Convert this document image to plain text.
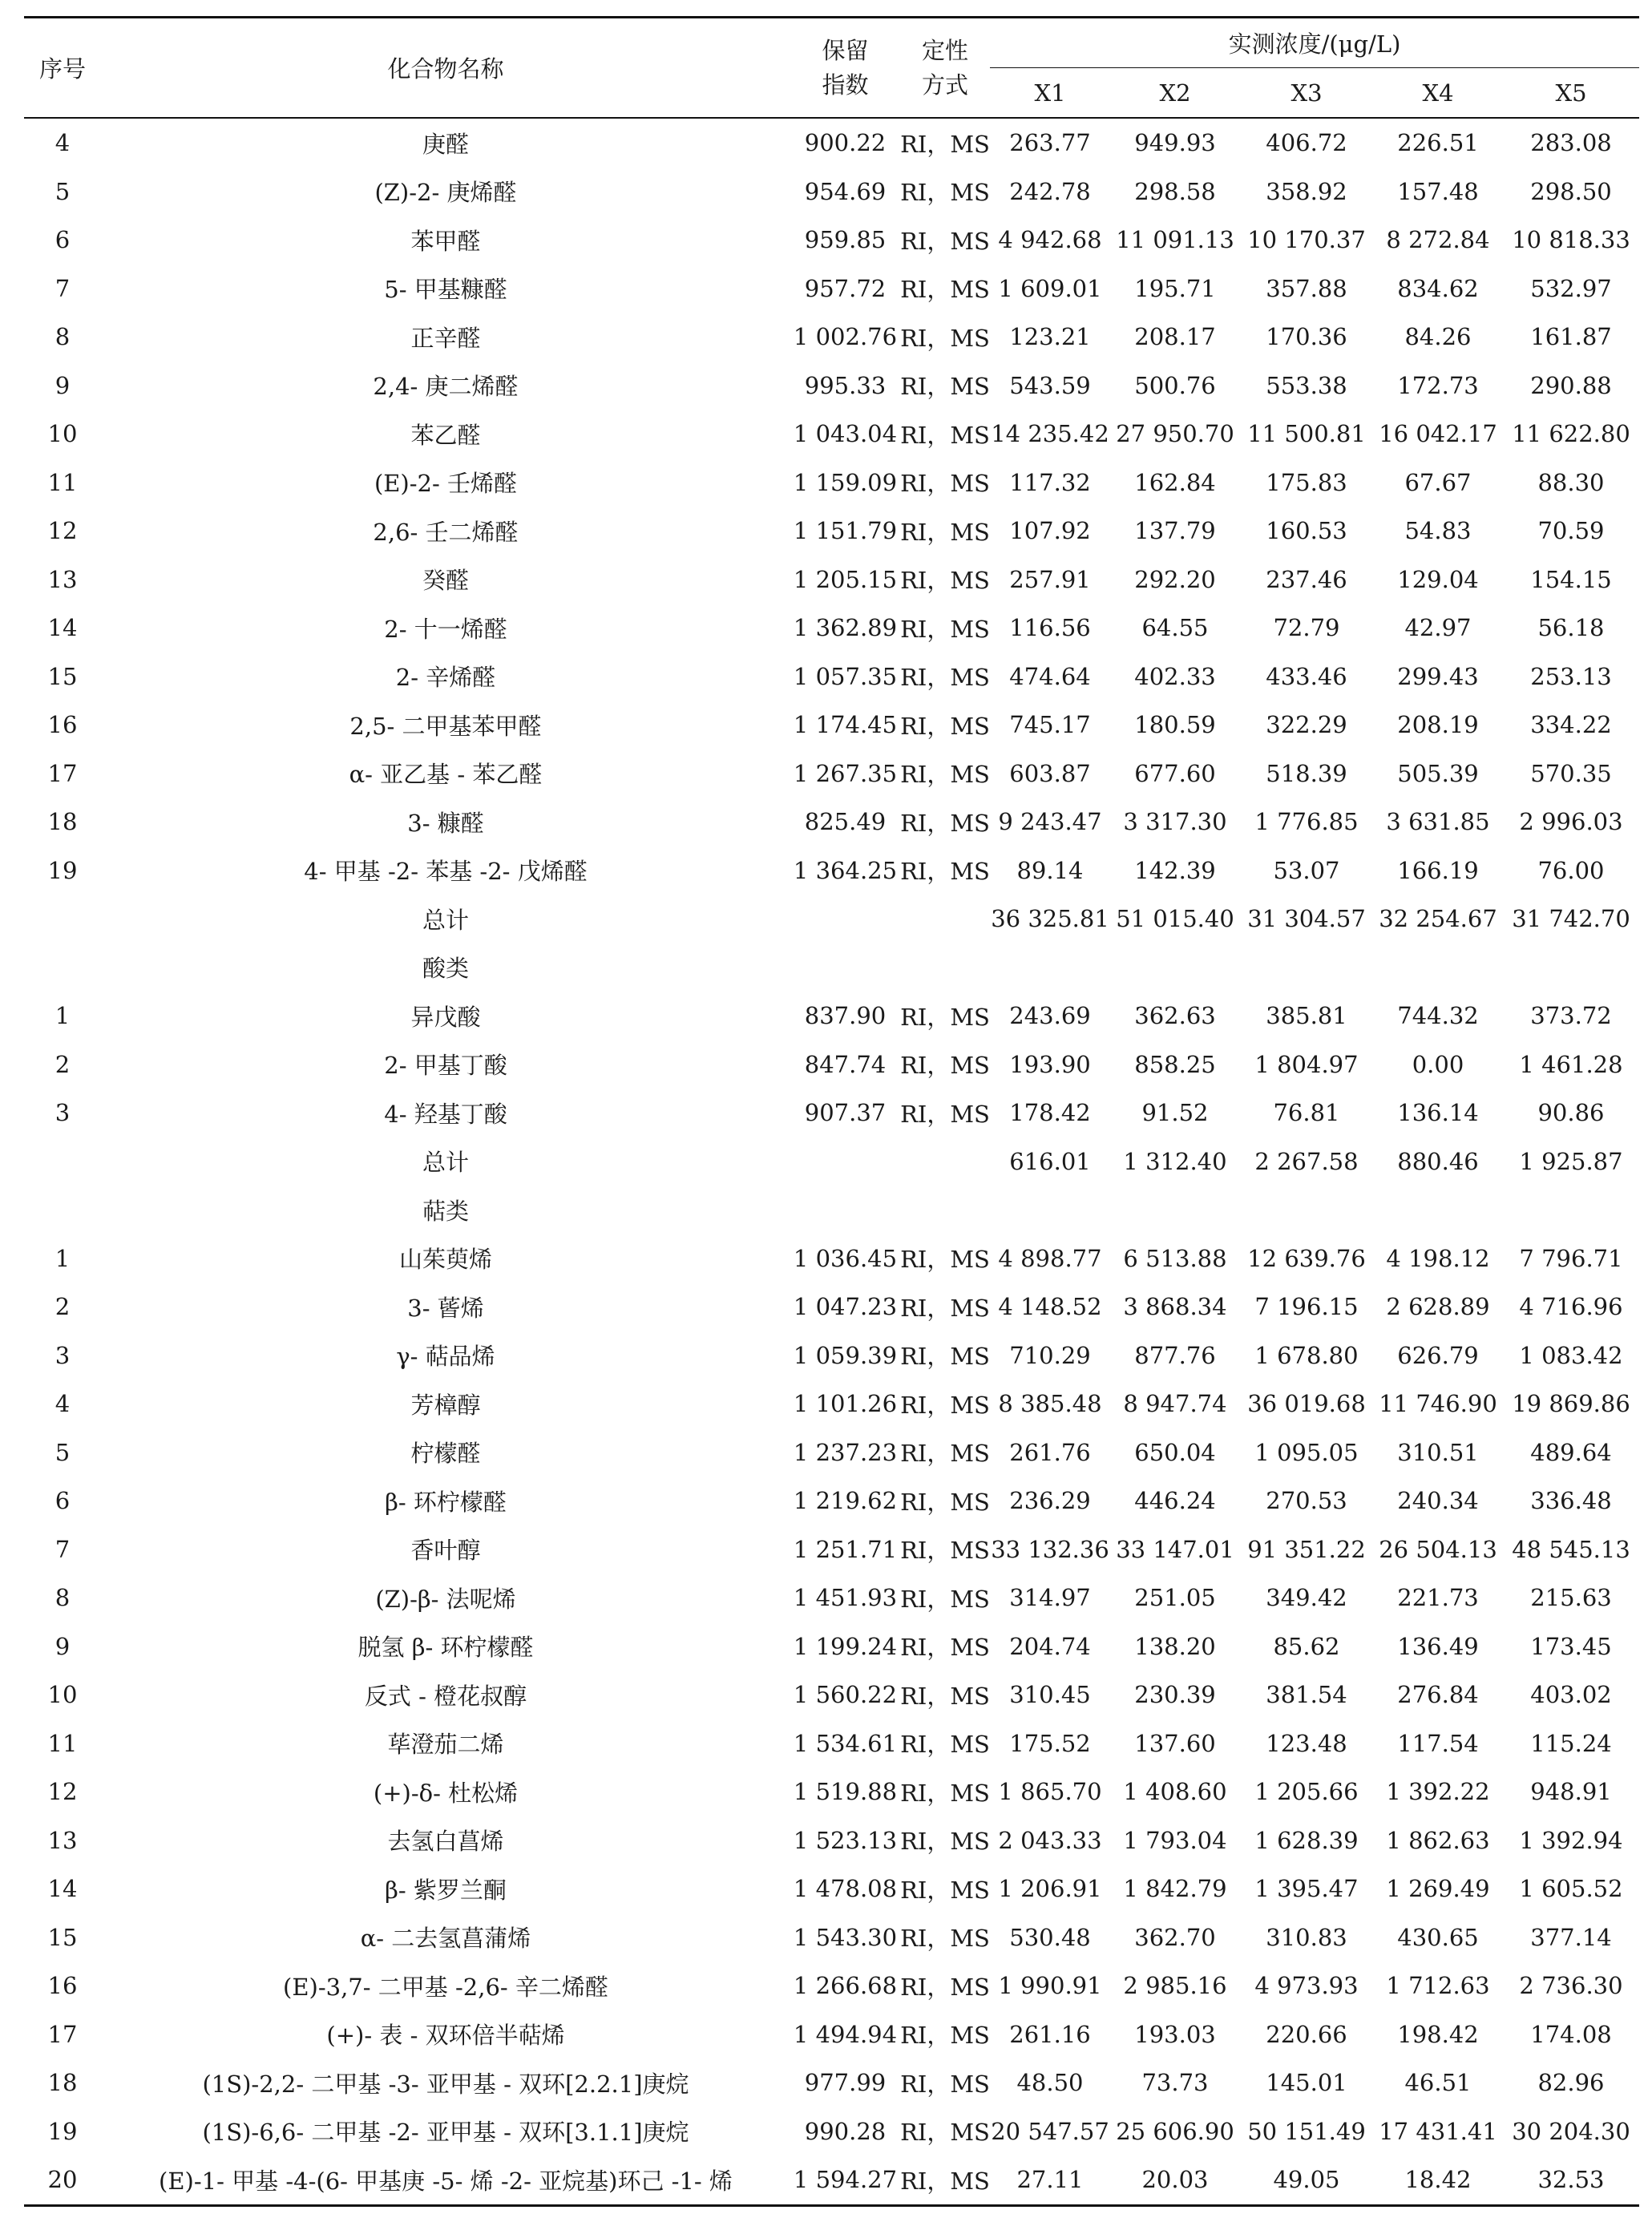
序号	化合物名称	保留指数	定性方式	实测浓度/(μg/L)				
				X1	X2	X3	X4	X5
4	庚醛	900.22	RI，MS	263.77	949.93	406.72	226.51	283.08
5	(Z)-2- 庚烯醛	954.69	RI，MS	242.78	298.58	358.92	157.48	298.50
6	苯甲醛	959.85	RI，MS	4 942.68	11 091.13	10 170.37	8 272.84	10 818.33
7	5- 甲基糠醛	957.72	RI，MS	1 609.01	195.71	357.88	834.62	532.97
8	正辛醛	1 002.76	RI，MS	123.21	208.17	170.36	84.26	161.87
9	2,4- 庚二烯醛	995.33	RI，MS	543.59	500.76	553.38	172.73	290.88
10	苯乙醛	1 043.04	RI，MS	14 235.42	27 950.70	11 500.81	16 042.17	11 622.80
11	(E)-2- 壬烯醛	1 159.09	RI，MS	117.32	162.84	175.83	67.67	88.30
12	2,6- 壬二烯醛	1 151.79	RI，MS	107.92	137.79	160.53	54.83	70.59
13	癸醛	1 205.15	RI，MS	257.91	292.20	237.46	129.04	154.15
14	2- 十一烯醛	1 362.89	RI，MS	116.56	64.55	72.79	42.97	56.18
15	2- 辛烯醛	1 057.35	RI，MS	474.64	402.33	433.46	299.43	253.13
16	2,5- 二甲基苯甲醛	1 174.45	RI，MS	745.17	180.59	322.29	208.19	334.22
17	α- 亚乙基 - 苯乙醛	1 267.35	RI，MS	603.87	677.60	518.39	505.39	570.35
18	3- 糠醛	825.49	RI，MS	9 243.47	3 317.30	1 776.85	3 631.85	2 996.03
19	4- 甲基 -2- 苯基 -2- 戊烯醛	1 364.25	RI，MS	89.14	142.39	53.07	166.19	76.00
	总计			36 325.81	51 015.40	31 304.57	32 254.67	31 742.70
	酸类							
1	异戊酸	837.90	RI，MS	243.69	362.63	385.81	744.32	373.72
2	2- 甲基丁酸	847.74	RI，MS	193.90	858.25	1 804.97	0.00	1 461.28
3	4- 羟基丁酸	907.37	RI，MS	178.42	91.52	76.81	136.14	90.86
	总计			616.01	1 312.40	2 267.58	880.46	1 925.87
	萜类							
1	山茱萸烯	1 036.45	RI，MS	4 898.77	6 513.88	12 639.76	4 198.12	7 796.71
2	3- 蒈烯	1 047.23	RI，MS	4 148.52	3 868.34	7 196.15	2 628.89	4 716.96
3	γ- 萜品烯	1 059.39	RI，MS	710.29	877.76	1 678.80	626.79	1 083.42
4	芳樟醇	1 101.26	RI，MS	8 385.48	8 947.74	36 019.68	11 746.90	19 869.86
5	柠檬醛	1 237.23	RI，MS	261.76	650.04	1 095.05	310.51	489.64
6	β- 环柠檬醛	1 219.62	RI，MS	236.29	446.24	270.53	240.34	336.48
7	香叶醇	1 251.71	RI，MS	33 132.36	33 147.01	91 351.22	26 504.13	48 545.13
8	(Z)-β- 法呢烯	1 451.93	RI，MS	314.97	251.05	349.42	221.73	215.63
9	脱氢 β- 环柠檬醛	1 199.24	RI，MS	204.74	138.20	85.62	136.49	173.45
10	反式 - 橙花叔醇	1 560.22	RI，MS	310.45	230.39	381.54	276.84	403.02
11	荜澄茄二烯	1 534.61	RI，MS	175.52	137.60	123.48	117.54	115.24
12	(+)-δ- 杜松烯	1 519.88	RI，MS	1 865.70	1 408.60	1 205.66	1 392.22	948.91
13	去氢白菖烯	1 523.13	RI，MS	2 043.33	1 793.04	1 628.39	1 862.63	1 392.94
14	β- 紫罗兰酮	1 478.08	RI，MS	1 206.91	1 842.79	1 395.47	1 269.49	1 605.52
15	α- 二去氢菖蒲烯	1 543.30	RI，MS	530.48	362.70	310.83	430.65	377.14
16	(E)-3,7- 二甲基 -2,6- 辛二烯醛	1 266.68	RI，MS	1 990.91	2 985.16	4 973.93	1 712.63	2 736.30
17	(+)- 表 - 双环倍半萜烯	1 494.94	RI，MS	261.16	193.03	220.66	198.42	174.08
18	(1S)-2,2- 二甲基 -3- 亚甲基 - 双环[2.2.1]庚烷	977.99	RI，MS	48.50	73.73	145.01	46.51	82.96
19	(1S)-6,6- 二甲基 -2- 亚甲基 - 双环[3.1.1]庚烷	990.28	RI，MS	20 547.57	25 606.90	50 151.49	17 431.41	30 204.30
20	(E)-1- 甲基 -4-(6- 甲基庚 -5- 烯 -2- 亚烷基)环己 -1- 烯	1 594.27	RI，MS	27.11	20.03	49.05	18.42	32.53
